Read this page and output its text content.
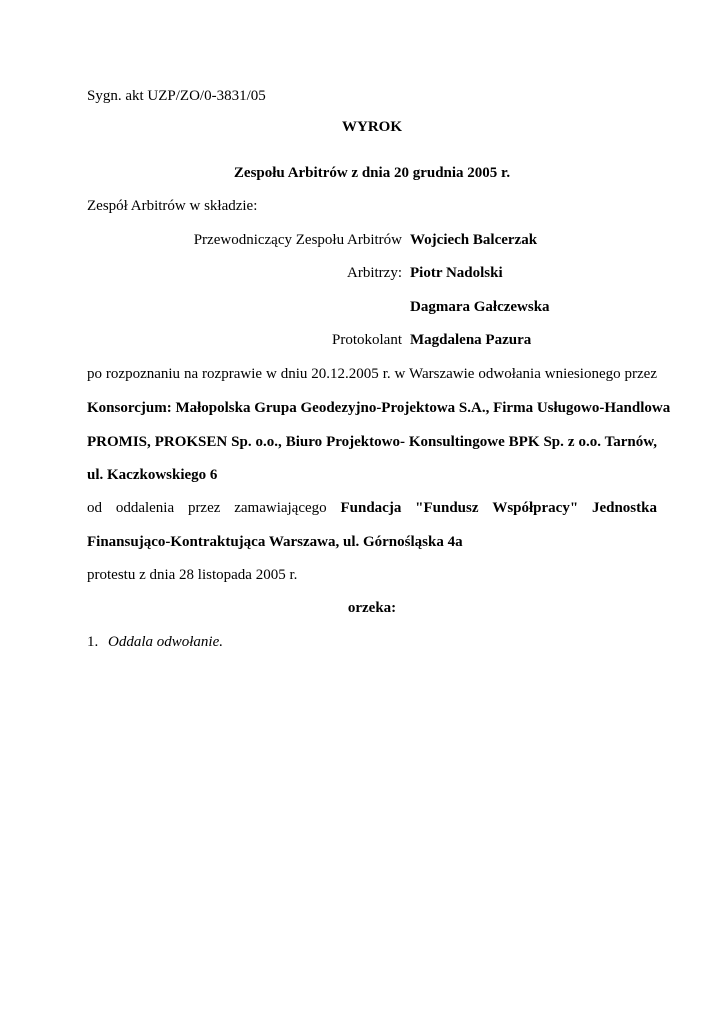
Sygn. akt UZP/ZO/0-3831/05
WYROK
Zespołu Arbitrów z dnia 20 grudnia 2005 r.
Zespół Arbitrów w składzie:
Przewodniczący Zespołu Arbitrów Wojciech Balcerzak
Arbitrzy: Piotr Nadolski
Dagmara Gałczewska
Protokolant Magdalena Pazura
po rozpoznaniu na rozprawie w dniu 20.12.2005 r. w Warszawie odwołania wniesionego przez
Konsorcjum: Małopolska Grupa Geodezyjno-Projektowa S.A., Firma Usługowo-Handlowa
PROMIS, PROKSEN Sp. o.o., Biuro Projektowo- Konsultingowe BPK Sp. z o.o. Tarnów,
ul. Kaczkowskiego 6
od oddalenia przez zamawiającego Fundacja "Fundusz Współpracy" Jednostka
Finansująco-Kontraktująca Warszawa, ul. Górnośląska 4a
protestu z dnia 28 listopada 2005 r.
orzeka:
1. Oddala odwołanie.
